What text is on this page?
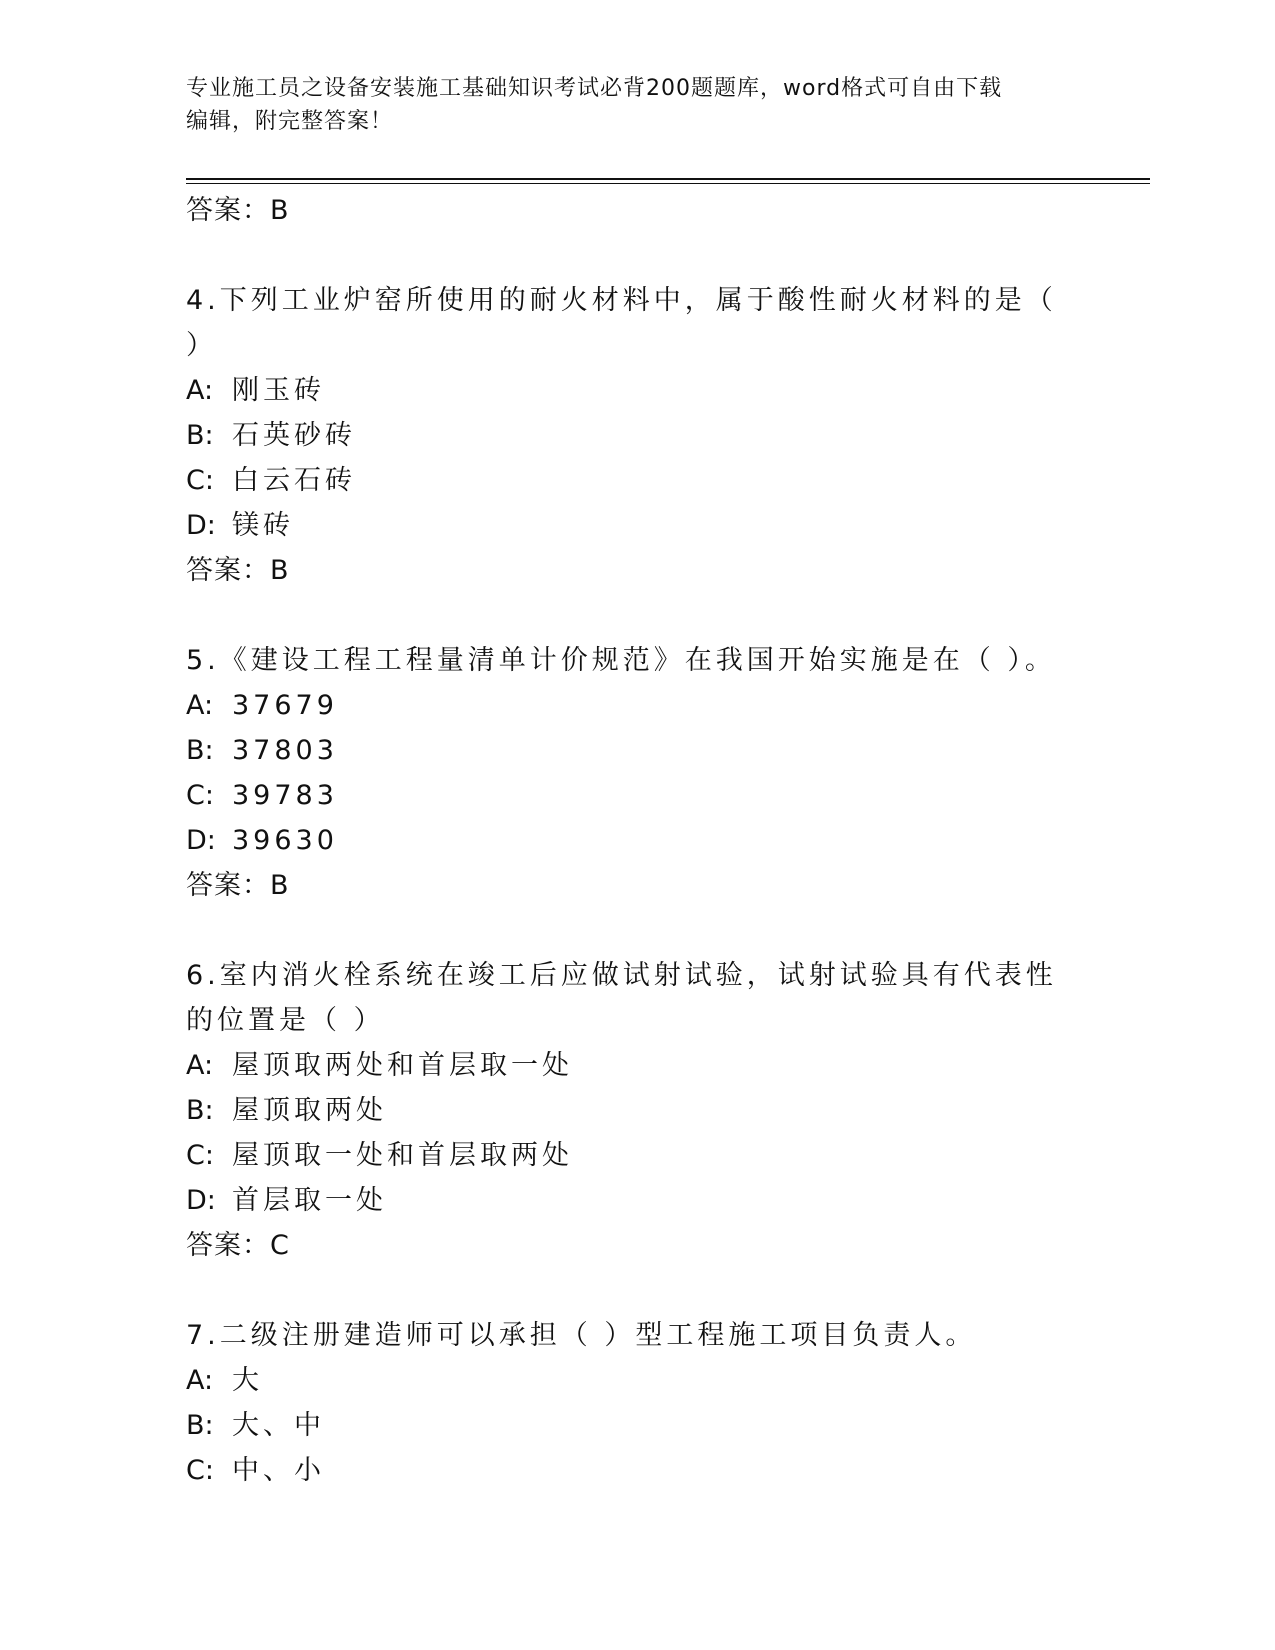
专业施工员之设备安装施工基础知识考试必背200题题库，word格式可自由下载
编辑，附完整答案！
答案：B
4.下列工业炉窑所使用的耐火材料中，属于酸性耐火材料的是（ ）
A: 刚玉砖
B: 石英砂砖
C: 白云石砖
D: 镁砖
答案：B
5.《建设工程工程量清单计价规范》在我国开始实施是在（ ）。
A: 37679
B: 37803
C: 39783
D: 39630
答案：B
6.室内消火栓系统在竣工后应做试射试验，试射试验具有代表性的位置是（ ）
A: 屋顶取两处和首层取一处
B: 屋顶取两处
C: 屋顶取一处和首层取两处
D: 首层取一处
答案：C
7.二级注册建造师可以承担（ ）型工程施工项目负责人。
A: 大
B: 大、中
C: 中、小
